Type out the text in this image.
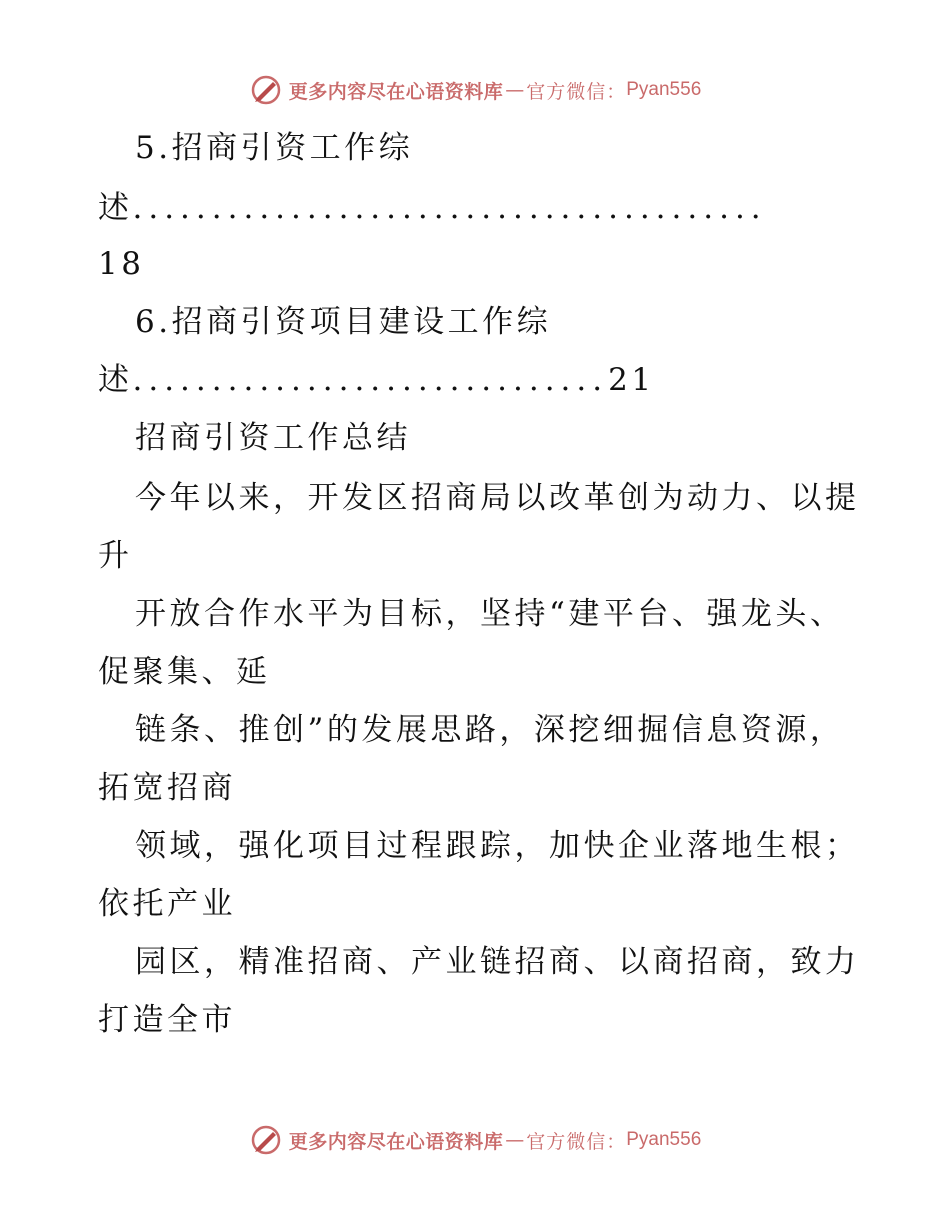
更多内容尽在心语资料库 — 官方微信： Pyan556
5.招商引资工作综
述........................................
18
6.招商引资项目建设工作综
述..............................21
招商引资工作总结
今年以来，开发区招商局以改革创为动力、以提
升
开放合作水平为目标，坚持“建平台、强龙头、
促聚集、延
链条、推创”的发展思路，深挖细掘信息资源，
拓宽招商
领域，强化项目过程跟踪，加快企业落地生根；
依托产业
园区，精准招商、产业链招商、以商招商，致力
打造全市
更多内容尽在心语资料库 — 官方微信： Pyan556
